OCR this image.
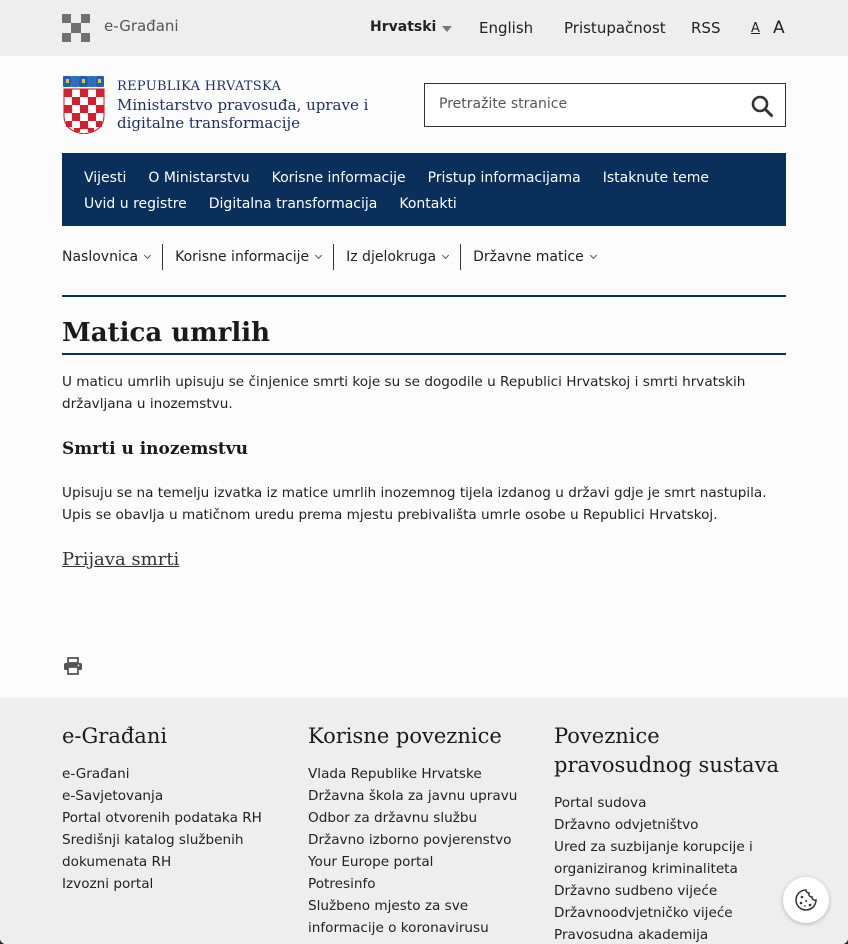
e-Građani	Hrvatski	English Pristupačnost RSS A A
REPUBLIKA HRVATSKA
Ministarstvo pravosuđa, uprave i digitalne transformacije
Pretražite stranice
Vijesti O Ministarstvu Korisne informacije Pristup informacijama Istaknute teme
Uvid u registre Digitalna transformacija Kontakti
Naslovnica	Korisne informacije	Iz djelokruga	Državne matice
Matica umrlih

U maticu umrlih upisuju se činjenice smrti koje su se dogodile u Republici Hrvatskoj i smrti hrvatskih državljana u inozemstvu.

Smrti u inozemstvu

Upisuju se na temelju izvatka iz matice umrlih inozemnog tijela izdanog u državi gdje je smrt nastupila. Upis se obavlja u matičnom uredu prema mjestu prebivališta umrle osobe u Republici Hrvatskoj.

Prijava smrti
e-Građani
e-Građani
e-Savjetovanja
Portal otvorenih podataka RH
Središnji katalog službenih dokumenata RH
Izvozni portal
Korisne poveznice
Vlada Republike Hrvatske
Državna škola za javnu upravu
Odbor za državnu službu
Državno izborno povjerenstvo
Your Europe portal
Potresinfo
Službeno mjesto za sve informacije o koronavirusu
Poveznice pravosudnog sustava
Portal sudova
Državno odvjetništvo
Ured za suzbijanje korupcije i organiziranog kriminaliteta
Državno sudbeno vijeće
Državnoodvjetničko vijeće
Pravosudna akademija
